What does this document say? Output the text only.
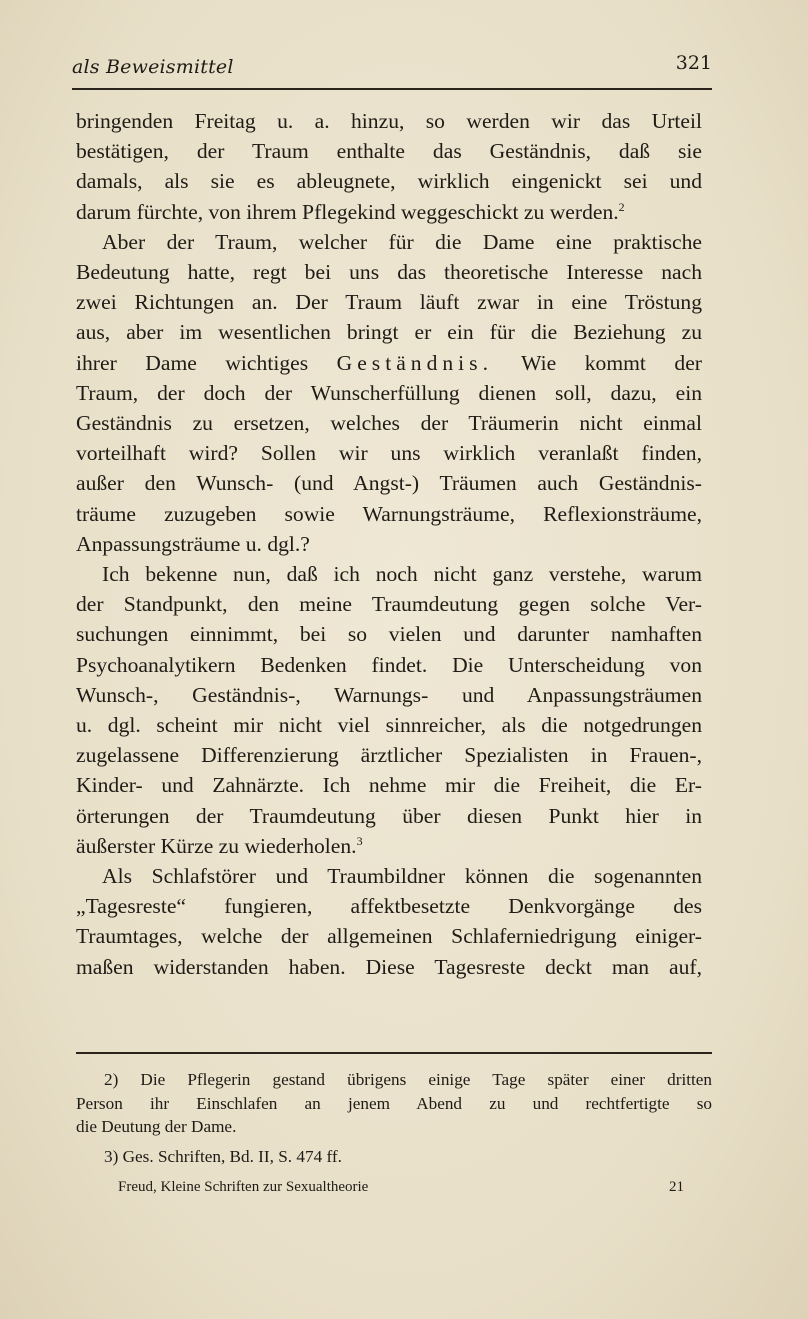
als Beweismittel	321

bringenden Freitag u. a. hinzu, so werden wir das Urteil
bestätigen, der Traum enthalte das Geständnis, daß sie
damals, als sie es ableugnete, wirklich eingenickt sei und
darum fürchte, von ihrem Pflegekind weggeschickt zu werden.$^2$

Aber der Traum, welcher für die Dame eine praktische
Bedeutung hatte, regt bei uns das theoretische Interesse nach
zwei Richtungen an. Der Traum läuft zwar in eine Tröstung
aus, aber im wesentlichen bringt er ein für die Beziehung zu
ihrer Dame wichtiges Geständnis. Wie kommt der
Traum, der doch der Wunscherfüllung dienen soll, dazu, ein
Geständnis zu ersetzen, welches der Träumerin nicht einmal
vorteilhaft wird? Sollen wir uns wirklich veranlaßt finden,
außer den Wunsch- (und Angst-) Träumen auch Geständnis-
träume zuzugeben sowie Warnungsträume, Reflexionsträume,
Anpassungsträume u. dgl.?

Ich bekenne nun, daß ich noch nicht ganz verstehe, warum
der Standpunkt, den meine Traumdeutung gegen solche Ver-
suchungen einnimmt, bei so vielen und darunter namhaften
Psychoanalytikern Bedenken findet. Die Unterscheidung von
Wunsch-, Geständnis-, Warnungs- und Anpassungsträumen
u. dgl. scheint mir nicht viel sinnreicher, als die notgedrungen
zugelassene Differenzierung ärztlicher Spezialisten in Frauen-,
Kinder- und Zahnärzte. Ich nehme mir die Freiheit, die Er-
örterungen der Traumdeutung über diesen Punkt hier in
äußerster Kürze zu wiederholen.$^3$

Als Schlafstörer und Traumbildner können die sogenannten
„Tagesreste“ fungieren, affektbesetzte Denkvorgänge des
Traumtages, welche der allgemeinen Schlaferniedrigung einiger-
maßen widerstanden haben. Diese Tagesreste deckt man auf,

2) Die Pflegerin gestand übrigens einige Tage später einer dritten
Person ihr Einschlafen an jenem Abend zu und rechtfertigte so
die Deutung der Dame.

3) Ges. Schriften, Bd. II, S. 474 ff.

Freud, Kleine Schriften zur Sexualtheorie	21
